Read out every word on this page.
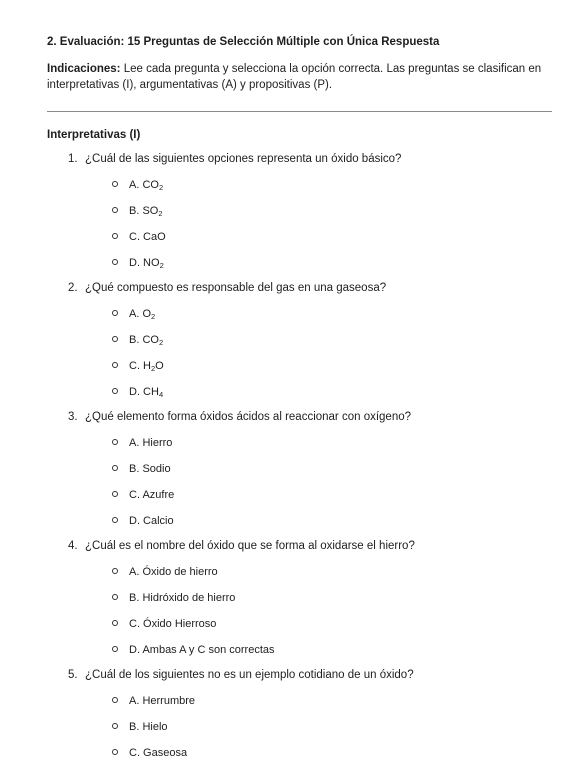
2. Evaluación: 15 Preguntas de Selección Múltiple con Única Respuesta
Indicaciones: Lee cada pregunta y selecciona la opción correcta. Las preguntas se clasifican en interpretativas (I), argumentativas (A) y propositivas (P).
Interpretativas (I)
1. ¿Cuál de las siguientes opciones representa un óxido básico?
A. $CO_2$
B. $SO_2$
C. CaO
D. $NO_2$
2. ¿Qué compuesto es responsable del gas en una gaseosa?
A. $O_2$
B. $CO_2$
C. $H_2O$
D. $CH_4$
3. ¿Qué elemento forma óxidos ácidos al reaccionar con oxígeno?
A. Hierro
B. Sodio
C. Azufre
D. Calcio
4. ¿Cuál es el nombre del óxido que se forma al oxidarse el hierro?
A. Óxido de hierro
B. Hidróxido de hierro
C. Óxido Hierroso
D. Ambas A y C son correctas
5. ¿Cuál de los siguientes no es un ejemplo cotidiano de un óxido?
A. Herrumbre
B. Hielo
C. Gaseosa
